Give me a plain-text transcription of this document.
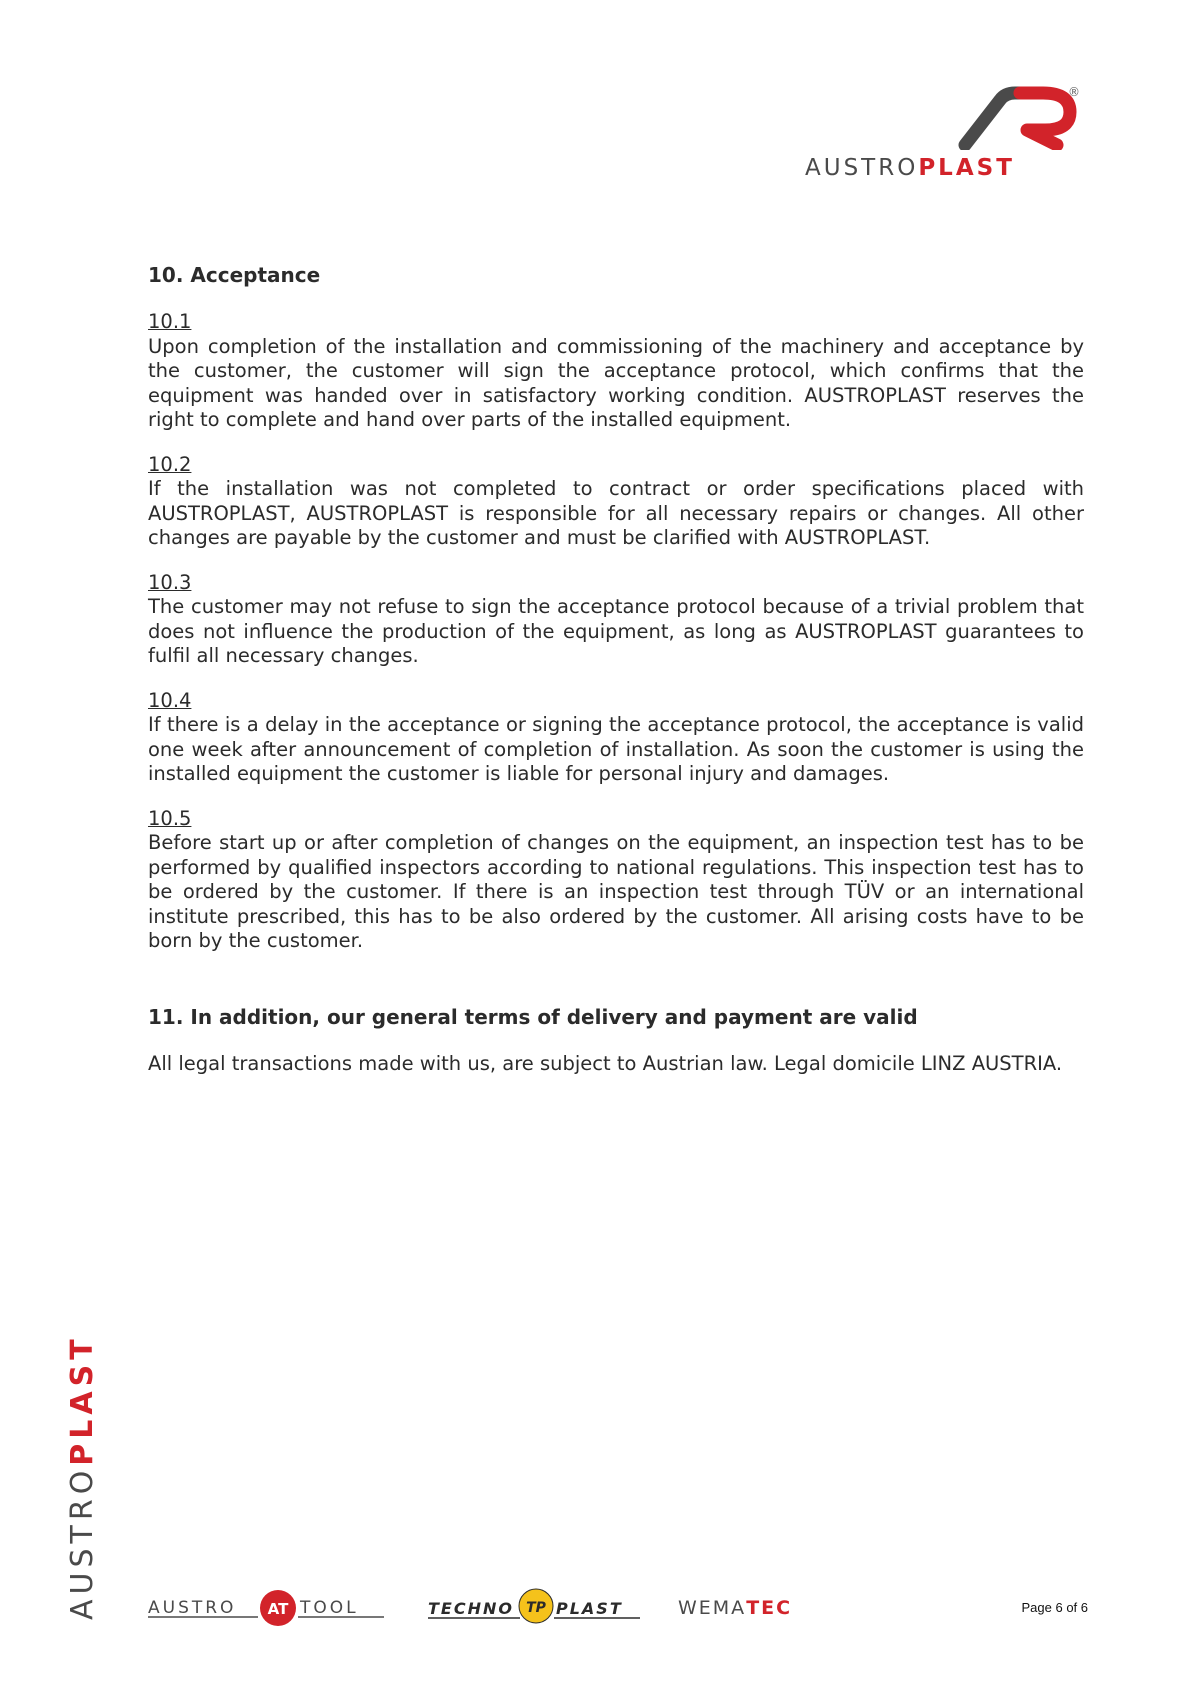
®
AUSTROPLAST
10. Acceptance
10.1

Upon completion of the installation and commissioning of the machinery and acceptance by the customer, the customer will sign the acceptance protocol, which confirms that the equipment was handed over in satisfactory working condition. AUSTROPLAST reserves the right to complete and hand over parts of the installed equipment.

10.2

If the installation was not completed to contract or order specifications placed with AUSTROPLAST, AUSTROPLAST is responsible for all necessary repairs or changes. All other changes are payable by the customer and must be clarified with AUSTROPLAST.

10.3

The customer may not refuse to sign the acceptance protocol because of a trivial problem that does not influence the production of the equipment, as long as AUSTROPLAST guarantees to fulfil all necessary changes.

10.4

If there is a delay in the acceptance or signing the acceptance protocol, the acceptance is valid one week after announcement of completion of installation. As soon the customer is using the installed equipment the customer is liable for personal injury and damages.

10.5

Before start up or after completion of changes on the equipment, an inspection test has to be performed by qualified inspectors according to national regulations. This inspection test has to be ordered by the customer. If there is an inspection test through TÜV or an international institute prescribed, this has to be also ordered by the customer. All arising costs have to be born by the customer.

11. In addition, our general terms of delivery and payment are valid

All legal transactions made with us, are subject to Austrian law. Legal domicile LINZ AUSTRIA.

AUSTROPLAST
AUSTRO AT TOOL	TECHNO TP PLAST	WEMATEC	Page 6 of 6
